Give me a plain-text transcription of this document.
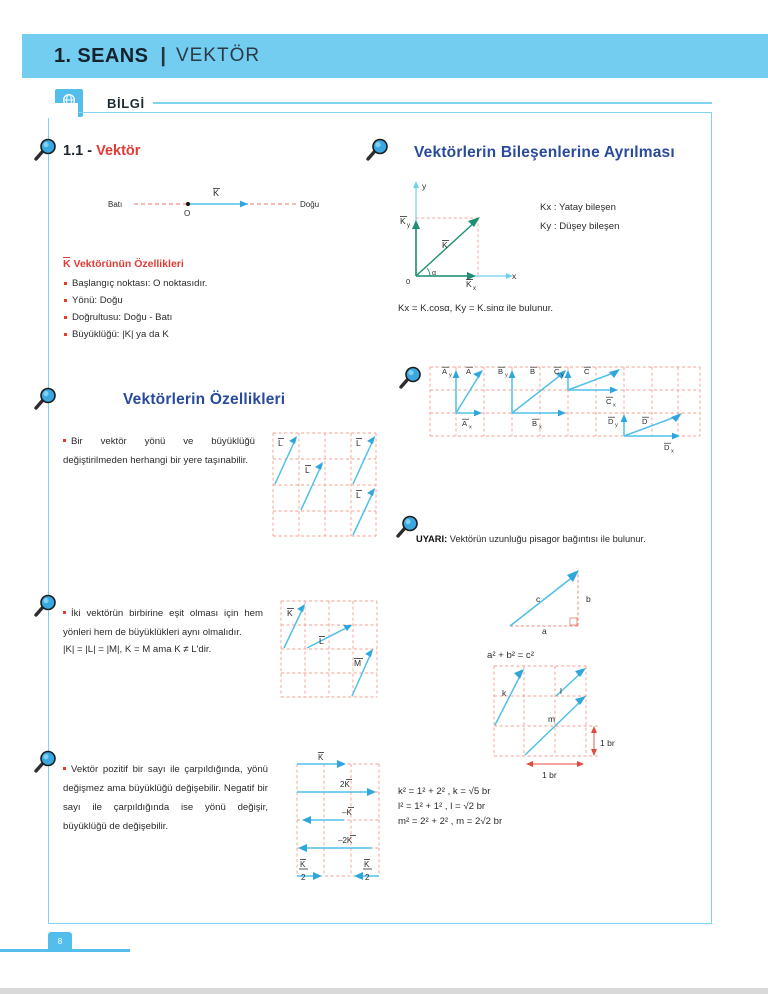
1. SEANS | VEKTÖR
BİLGİ
1.1 - Vektör
Batı	Doğu
O
K
K Vektörünün Özellikleri
Başlangıç noktası: O noktasıdır.
Yönü: Doğu
Doğrultusu: Doğu - Batı
Büyüklüğü: |K| ya da K
Vektörlerin Özellikleri
Bir vektör yönü ve büyüklüğü değiştirilmeden herhangi bir yere taşınabilir.
L
L
L
L
İki vektörün birbirine eşit olması için hem yönleri hem de büyüklükleri aynı olmalıdır.
|K| = |L| = |M|, K = M ama K ≠ L'dir.
K
L
M
Vektör pozitif bir sayı ile çarpıldığında, yönü değişmez ama büyüklüğü değişebilir. Negatif bir sayı ile çarpıldığında ise yönü değişir, büyüklüğü de değişebilir.
K
2K
–K
–2K
K
2
K
2
Vektörlerin Bileşenlerine Ayrılması
y
x
0
α
K y
K
K x
Kx : Yatay bileşen
Ky : Düşey bileşen
Kx = K.cosα, Ky = K.sinα ile bulunur.
A y A
A x
B y	B
B x
C y	C
C x
D y	D
D x
UYARI: Vektörün uzunluğu pisagor bağıntısı ile bulunur.
c	b
a
a² + b² = c²
k	l
m
1 br
1 br
k² = 1² + 2² , k = √5 br
l² = 1² + 1² , l = √2 br
m² = 2² + 2² , m = 2√2 br
8
